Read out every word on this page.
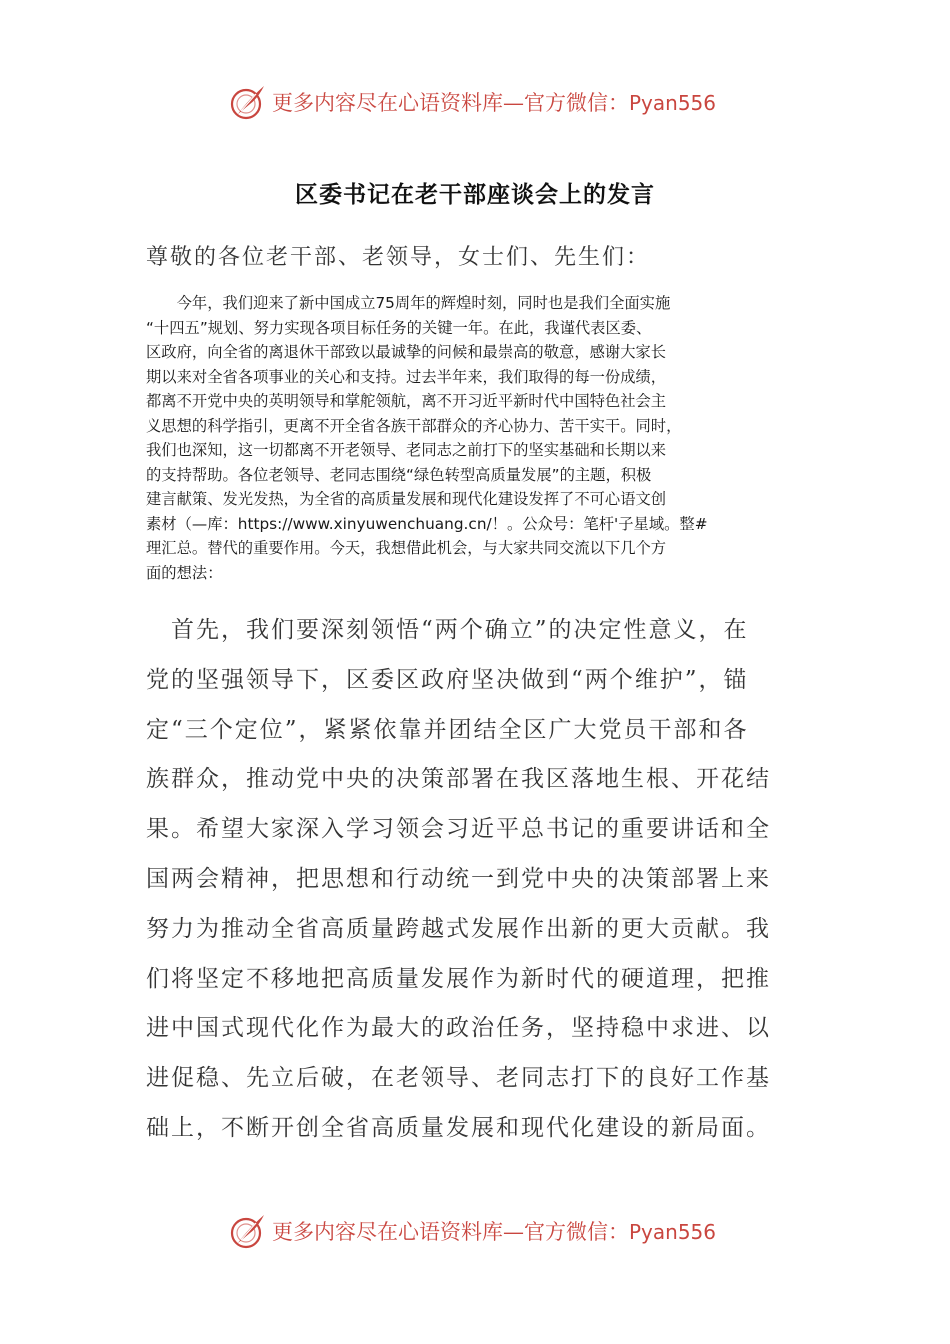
更多内容尽在心语资料库—官方微信：Pyan556
区委书记在老干部座谈会上的发言
尊敬的各位老干部、老领导，女士们、先生们：
　　今年，我们迎来了新中国成立75周年的辉煌时刻，同时也是我们全面实施
“十四五”规划、努力实现各项目标任务的关键一年。在此，我谨代表区委、
区政府，向全省的离退休干部致以最诚挚的问候和最崇高的敬意，感谢大家长
期以来对全省各项事业的关心和支持。过去半年来，我们取得的每一份成绩，
都离不开党中央的英明领导和掌舵领航，离不开习近平新时代中国特色社会主
义思想的科学指引，更离不开全省各族干部群众的齐心协力、苦干实干。同时，
我们也深知，这一切都离不开老领导、老同志之前打下的坚实基础和长期以来
的支持帮助。各位老领导、老同志围绕“绿色转型高质量发展”的主题，积极
建言献策、发光发热，为全省的高质量发展和现代化建设发挥了不可心语文创
素材（—库：https://www.xinyuwenchuang.cn/！。公众号：笔杆'子星域。整#
理汇总。替代的重要作用。今天，我想借此机会，与大家共同交流以下几个方
面的想法：
　首先，我们要深刻领悟“两个确立”的决定性意义，在
党的坚强领导下，区委区政府坚决做到“两个维护”，锚
定“三个定位”，紧紧依靠并团结全区广大党员干部和各
族群众，推动党中央的决策部署在我区落地生根、开花结
果。希望大家深入学习领会习近平总书记的重要讲话和全
国两会精神，把思想和行动统一到党中央的决策部署上来
努力为推动全省高质量跨越式发展作出新的更大贡献。我
们将坚定不移地把高质量发展作为新时代的硬道理，把推
进中国式现代化作为最大的政治任务，坚持稳中求进、以
进促稳、先立后破，在老领导、老同志打下的良好工作基
础上，不断开创全省高质量发展和现代化建设的新局面。
更多内容尽在心语资料库—官方微信：Pyan556
